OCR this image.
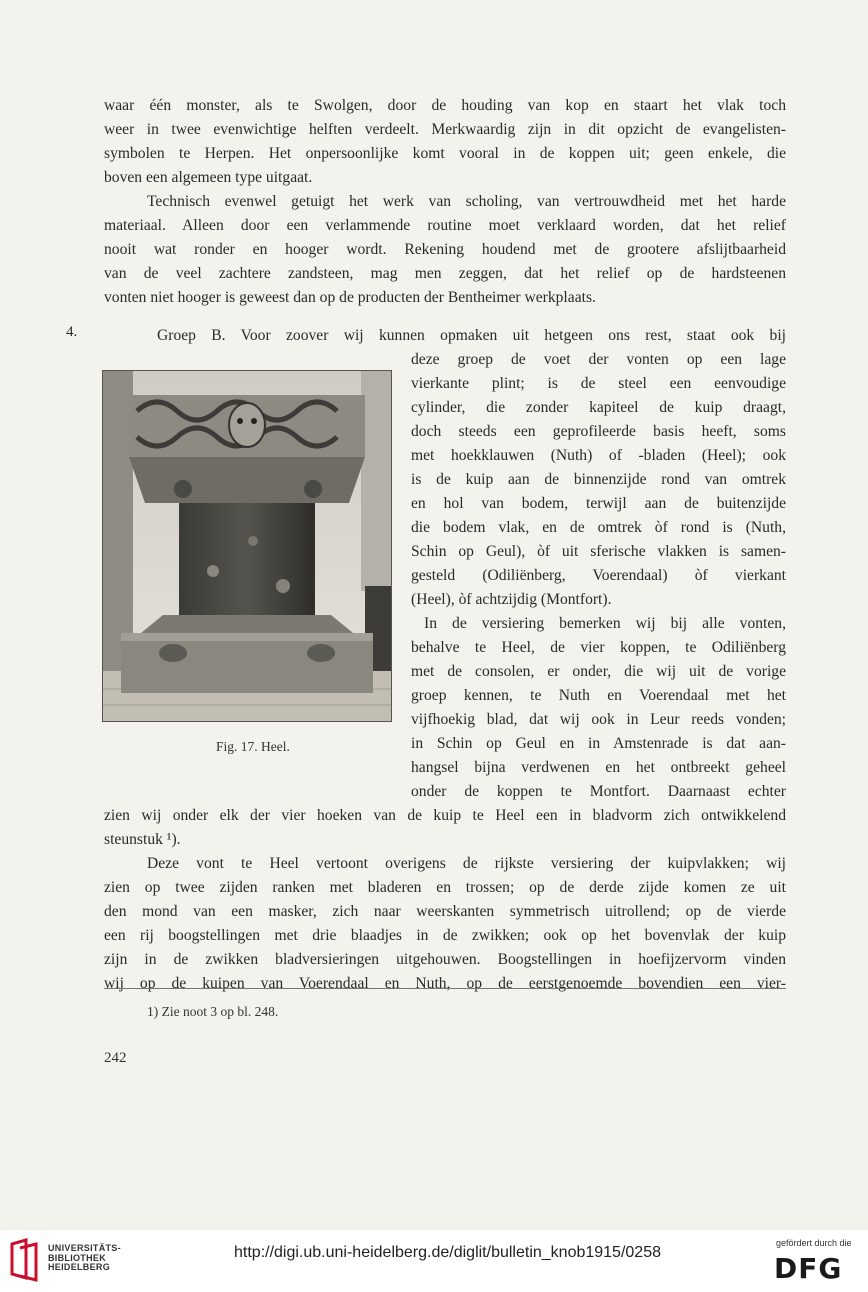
waar één monster, als te Swolgen, door de houding van kop en staart het vlak toch
weer in twee evenwichtige helften verdeelt. Merkwaardig zijn in dit opzicht de evangelisten-
symbolen te Herpen. Het onpersoonlijke komt vooral in de koppen uit; geen enkele, die
boven een algemeen type uitgaat.
Technisch evenwel getuigt het werk van scholing, van vertrouwdheid met het harde
materiaal. Alleen door een verlammende routine moet verklaard worden, dat het relief
nooit wat ronder en hooger wordt. Rekening houdend met de grootere afslijtbaarheid
van de veel zachtere zandsteen, mag men zeggen, dat het relief op de hardsteenen
vonten niet hooger is geweest dan op de producten der Bentheimer werkplaats.
Groep B. Voor zoover wij kunnen opmaken uit hetgeen ons rest, staat ook bij
4.
Fig. 17. Heel.
deze groep de voet der vonten op een lage
vierkante plint; is de steel een eenvoudige
cylinder, die zonder kapiteel de kuip draagt,
doch steeds een geprofileerde basis heeft, soms
met hoekklauwen (Nuth) of -bladen (Heel); ook
is de kuip aan de binnenzijde rond van omtrek
en hol van bodem, terwijl aan de buitenzijde
die bodem vlak, en de omtrek òf rond is (Nuth,
Schin op Geul), òf uit sferische vlakken is samen-
gesteld (Odiliënberg, Voerendaal) òf vierkant
(Heel), òf achtzijdig (Montfort).
In de versiering bemerken wij bij alle vonten,
behalve te Heel, de vier koppen, te Odiliënberg
met de consolen, er onder, die wij uit de vorige
groep kennen, te Nuth en Voerendaal met het
vijfhoekig blad, dat wij ook in Leur reeds vonden;
in Schin op Geul en in Amstenrade is dat aan-
hangsel bijna verdwenen en het ontbreekt geheel
onder de koppen te Montfort. Daarnaast echter
zien wij onder elk der vier hoeken van de kuip te Heel een in bladvorm zich ontwikkelend
steunstuk ¹).
Deze vont te Heel vertoont overigens de rijkste versiering der kuipvlakken; wij
zien op twee zijden ranken met bladeren en trossen; op de derde zijde komen ze uit
den mond van een masker, zich naar weerskanten symmetrisch uitrollend; op de vierde
een rij boogstellingen met drie blaadjes in de zwikken; ook op het bovenvlak der kuip
zijn in de zwikken bladversieringen uitgehouwen. Boogstellingen in hoefijzervorm vinden
wij op de kuipen van Voerendaal en Nuth, op de eerstgenoemde bovendien een vier-
1) Zie noot 3 op bl. 248.
242
UNIVERSITÄTS-
BIBLIOTHEK
HEIDELBERG
http://digi.ub.uni-heidelberg.de/diglit/bulletin_knob1915/0258
gefördert durch die
DFG
